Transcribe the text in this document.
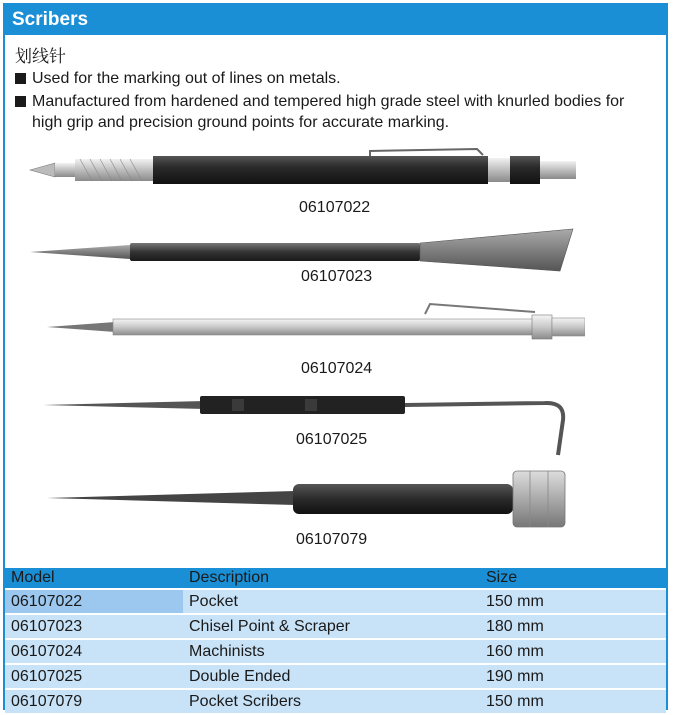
Scribers
划线针
Used for the marking out of lines on metals.
Manufactured from hardened and tempered high grade steel with knurled bodies for high grip and precision ground points for accurate marking.
06107022
06107023
06107024
06107025
06107079
Model	Description	Size
06107022	Pocket	150 mm
06107023	Chisel Point & Scraper	180 mm
06107024	Machinists	160 mm
06107025	Double Ended	190 mm
06107079	Pocket Scribers	150 mm
